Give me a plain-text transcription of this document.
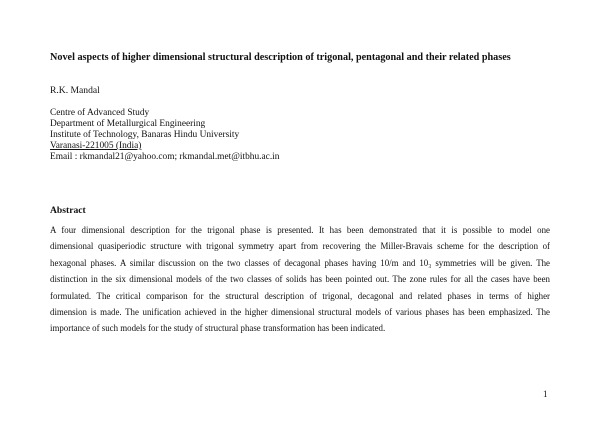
Novel aspects of higher dimensional structural description of trigonal, pentagonal and their related phases
R.K. Mandal
Centre of Advanced Study
Department of Metallurgical Engineering
Institute of Technology, Banaras Hindu University
Varanasi-221005 (India)
Email : rkmandal21@yahoo.com; rkmandal.met@itbhu.ac.in
Abstract
A four dimensional description for the trigonal phase is presented. It has been demonstrated that it is possible to model one
dimensional quasiperiodic structure with trigonal symmetry apart from recovering the Miller-Bravais scheme for the description of
hexagonal phases. A similar discussion on the two classes of decagonal phases having 10/m and 10₃ symmetries will be given. The
distinction in the six dimensional models of the two classes of solids has been pointed out. The zone rules for all the cases have been
formulated. The critical comparison for the structural description of trigonal, decagonal and related phases in terms of higher
dimension is made. The unification achieved in the higher dimensional structural models of various phases has been emphasized. The
importance of such models for the study of structural phase transformation has been indicated.
1
